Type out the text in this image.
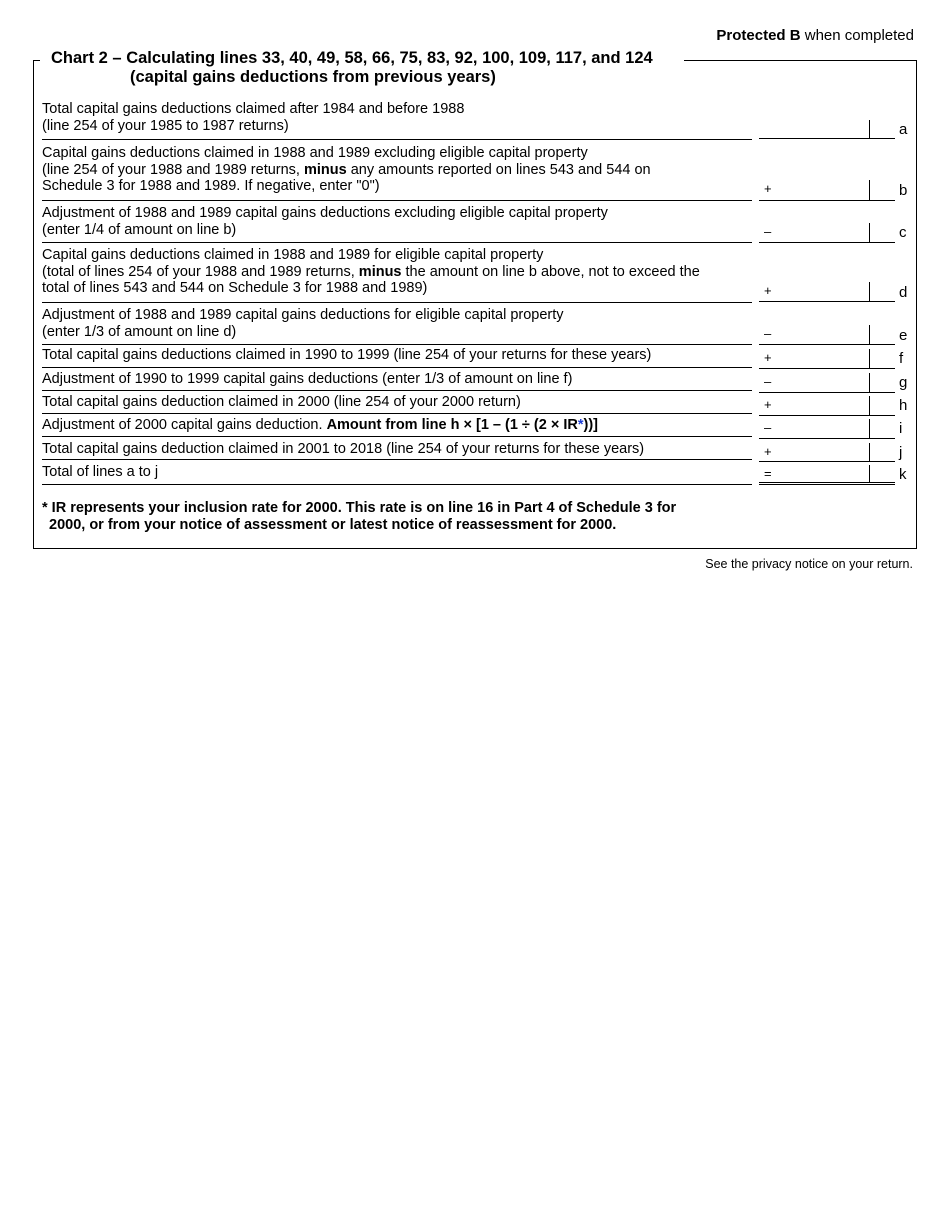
Protected B when completed
Chart 2 – Calculating lines 33, 40, 49, 58, 66, 75, 83, 92, 100, 109, 117, and 124
(capital gains deductions from previous years)
Total capital gains deductions claimed after 1984 and before 1988
(line 254 of your 1985 to 1987 returns)	a
Capital gains deductions claimed in 1988 and 1989 excluding eligible capital property
(line 254 of your 1988 and 1989 returns, minus any amounts reported on lines 543 and 544 on
Schedule 3 for 1988 and 1989. If negative, enter "0")	+	b
Adjustment of 1988 and 1989 capital gains deductions excluding eligible capital property
(enter 1/4 of amount on line b)	–	c
Capital gains deductions claimed in 1988 and 1989 for eligible capital property
(total of lines 254 of your 1988 and 1989 returns, minus the amount on line b above, not to exceed the
total of lines 543 and 544 on Schedule 3 for 1988 and 1989)	+	d
Adjustment of 1988 and 1989 capital gains deductions for eligible capital property
(enter 1/3 of amount on line d)	–	e
Total capital gains deductions claimed in 1990 to 1999 (line 254 of your returns for these years)	+	f
Adjustment of 1990 to 1999 capital gains deductions (enter 1/3 of amount on line f)	–	g
Total capital gains deduction claimed in 2000 (line 254 of your 2000 return)	+	h
Adjustment of 2000 capital gains deduction. Amount from line h × [1 – (1 ÷ (2 × IR*))]	–	i
Total capital gains deduction claimed in 2001 to 2018 (line 254 of your returns for these years)	+	j
Total of lines a to j	=	k
* IR represents your inclusion rate for 2000. This rate is on line 16 in Part 4 of Schedule 3 for
2000, or from your notice of assessment or latest notice of reassessment for 2000.
See the privacy notice on your return.
